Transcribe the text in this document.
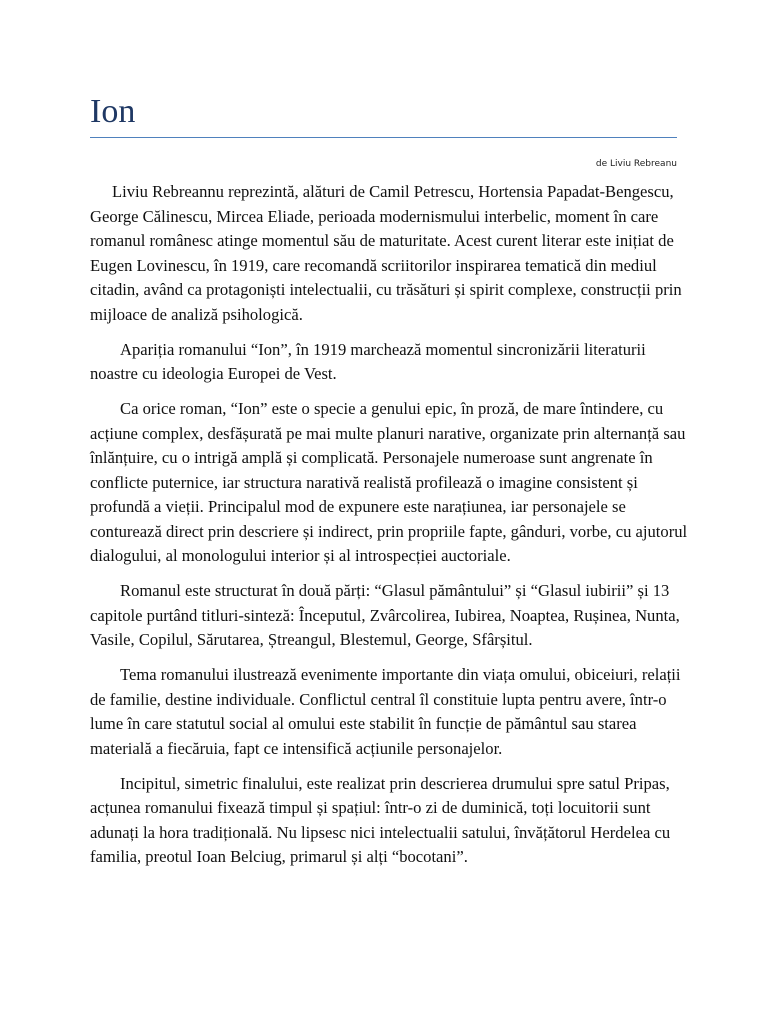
Ion
de Liviu Rebreanu

Liviu Rebreannu reprezintă, alături de Camil Petrescu, Hortensia Papadat-Bengescu, George Călinescu, Mircea Eliade, perioada modernismului interbelic, moment în care romanul românesc atinge momentul său de maturitate. Acest curent literar este inițiat de Eugen Lovinescu, în 1919, care recomandă scriitorilor inspirarea tematică din mediul citadin, având ca protagoniști intelectualii, cu trăsături și spirit complexe, construcții prin mijloace de analiză psihologică.

Apariția romanului “Ion”, în 1919 marchează momentul sincronizării literaturii noastre cu ideologia Europei de Vest.

Ca orice roman, “Ion” este o specie a genului epic, în proză, de mare întindere, cu acțiune complex, desfășurată pe mai multe planuri narative, organizate prin alternanță sau înlănțuire, cu o intrigă amplă și complicată. Personajele numeroase sunt angrenate în conflicte puternice, iar structura narativă realistă profilează o imagine consistent și profundă a vieții. Principalul mod de expunere este narațiunea, iar personajele se conturează direct prin descriere și indirect, prin propriile fapte, gânduri, vorbe, cu ajutorul dialogului, al monologului interior și al introspecției auctoriale.

Romanul este structurat în două părți: “Glasul pământului” și “Glasul iubirii” și 13 capitole purtând titluri-sinteză: Începutul, Zvârcolirea, Iubirea, Noaptea, Rușinea, Nunta, Vasile, Copilul, Sărutarea, Ștreangul, Blestemul, George, Sfârșitul.

Tema romanului ilustrează evenimente importante din viața omului, obiceiuri, relații de familie, destine individuale. Conflictul central îl constituie lupta pentru avere, într-o lume în care statutul social al omului este stabilit în funcție de pământul sau starea materială a fiecăruia, fapt ce intensifică acțiunile personajelor.

Incipitul, simetric finalului, este realizat prin descrierea drumului spre satul Pripas, acțunea romanului fixează timpul și spațiul: într-o zi de duminică, toți locuitorii sunt adunați la hora tradițională. Nu lipsesc nici intelectualii satului, învățătorul Herdelea cu familia, preotul Ioan Belciug, primarul și alți “bocotani”.
